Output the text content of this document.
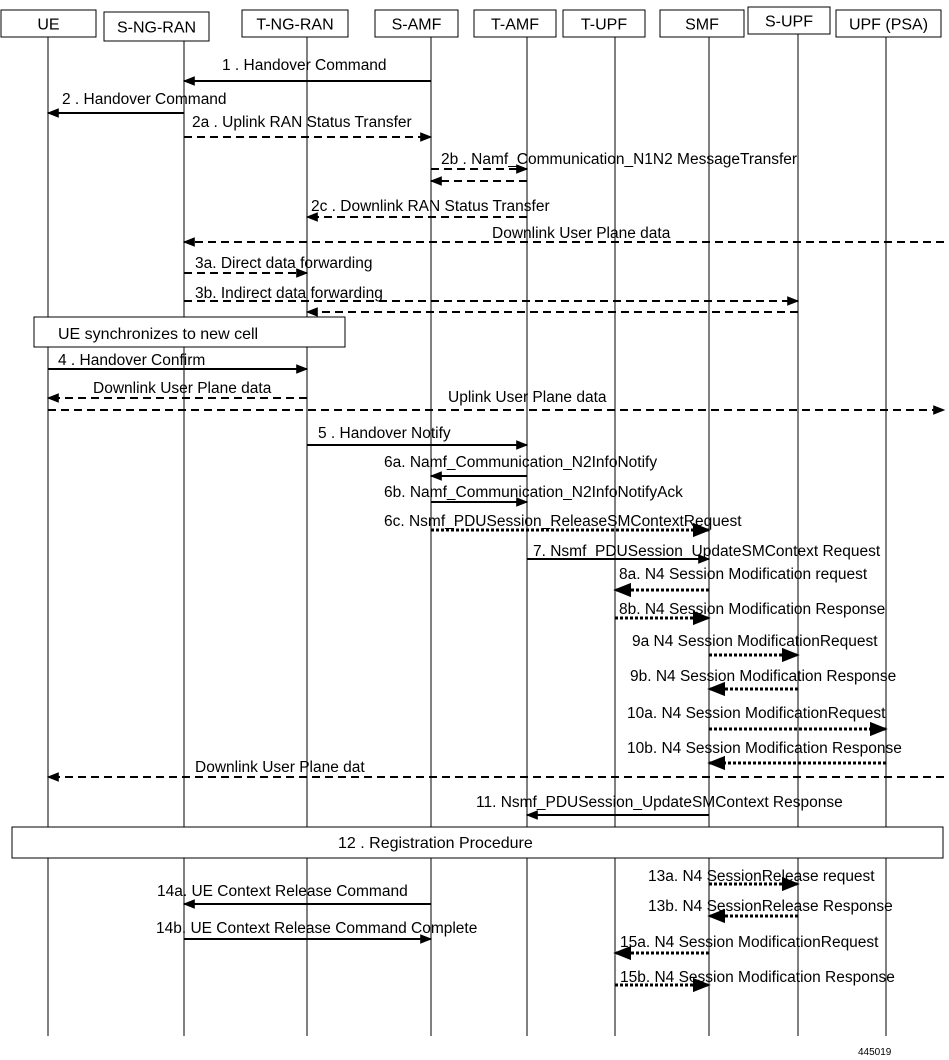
UE	S-NG-RAN	T-NG-RAN	S-AMF	T-AMF	T-UPF	SMF	S-UPF UPF (PSA)
UE synchronizes to new cell
12 . Registration Procedure
1 . Handover Command
2 . Handover Command
2a . Uplink RAN Status Transfer
2b . Namf_Communication_N1N2 MessageTransfer
2c . Downlink RAN Status Transfer
Downlink User Plane data
3a. Direct data forwarding
3b. Indirect data forwarding
4 . Handover Confirm
Downlink User Plane data
Uplink User Plane data
5 . Handover Notify
6a. Namf_Communication_N2InfoNotify
6b. Namf_Communication_N2InfoNotifyAck
6c. Nsmf_PDUSession_ReleaseSMContextRequest
7. Nsmf_PDUSession_UpdateSMContext Request
8a. N4 Session Modification request
8b. N4 Session Modification Response
9a N4 Session ModificationRequest
9b. N4 Session Modification Response
10a. N4 Session ModificationRequest
10b. N4 Session Modification Response
Downlink User Plane dat
11. Nsmf_PDUSession_UpdateSMContext Response
13a. N4 SessionRelease request
13b. N4 SessionRelease Response
14a. UE Context Release Command
14b. UE Context Release Command Complete
15a. N4 Session ModificationRequest
15b. N4 Session Modification Response
445019
